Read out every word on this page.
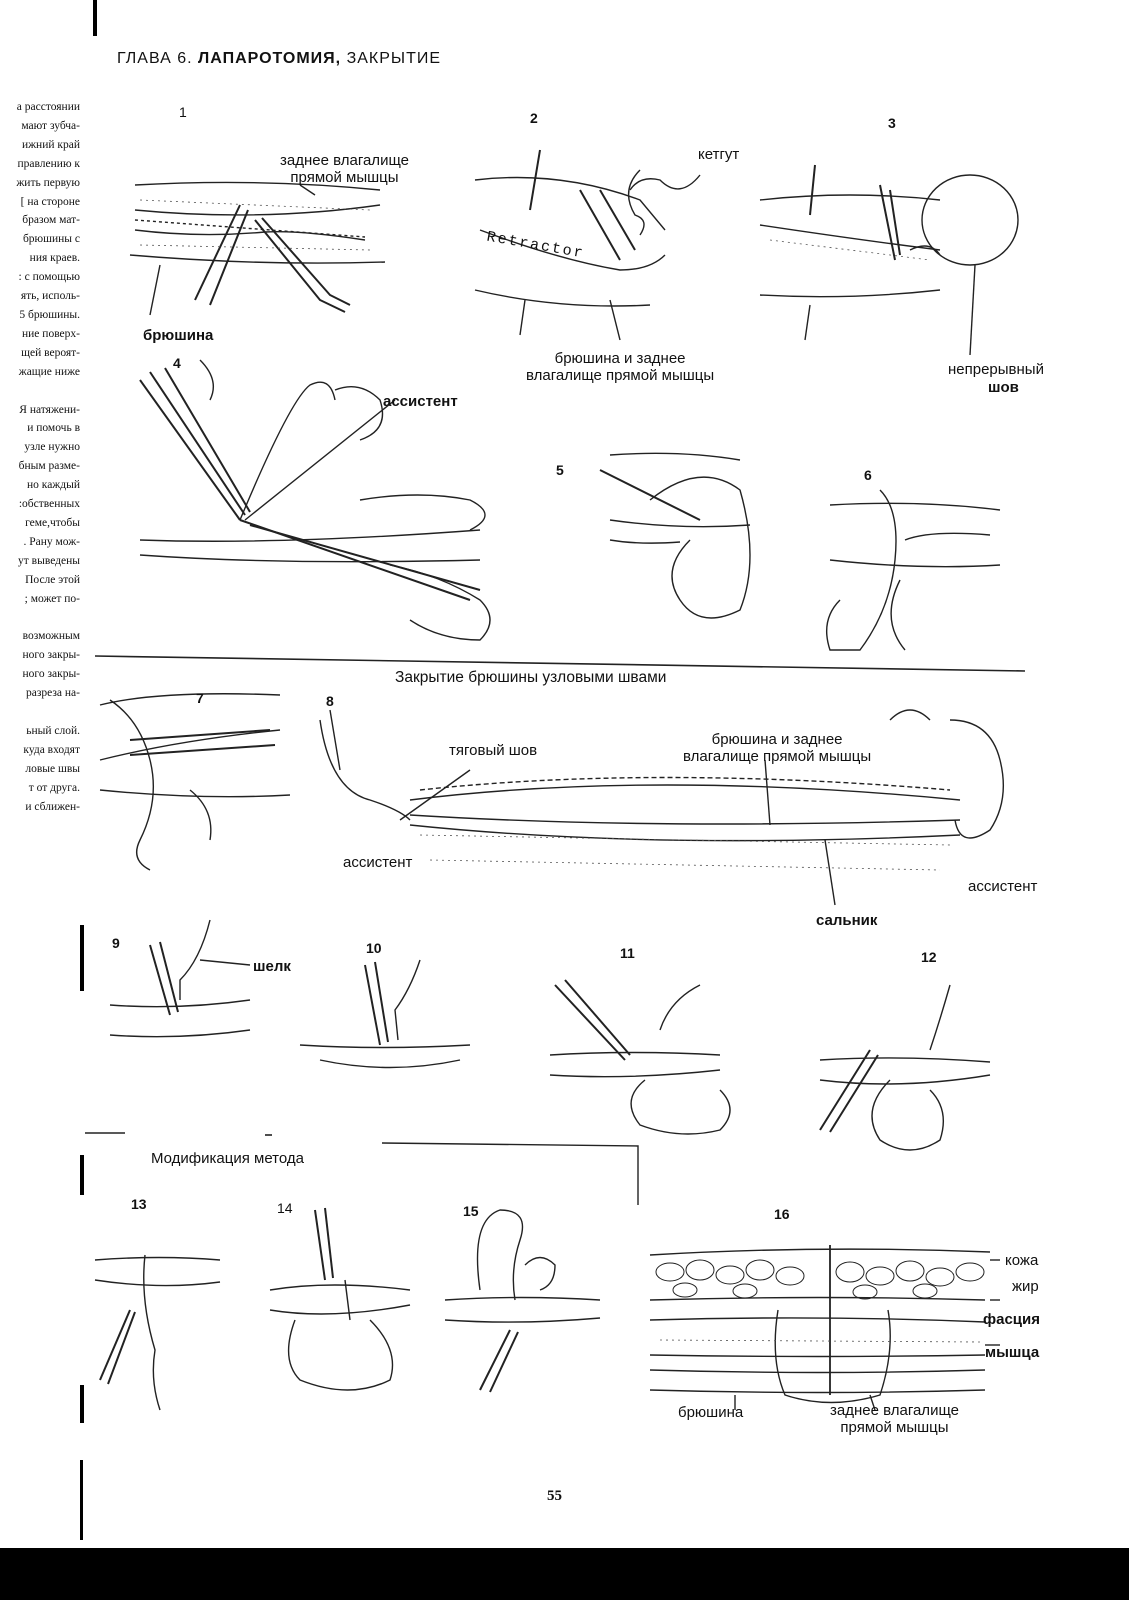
ГЛАВА 6. ЛАПАРОТОМИЯ, ЗАКРЫТИЕ
а расстоянии
мают зубча-
ижний край
правлению к
жить первую
[ на стороне
бразом мат-
брюшины с
ния краев.
: с помощью
ять, исполь-
5 брюшины.
ние поверх-
щей вероят-
жащие ниже

Я натяжени-
и помочь в
узле нужно
бным разме-
но каждый
:обственных
геме,чтобы
. Рану мож-
ут выведены
После этой
; может по-

возможным
ного закры-
ного закры-
разреза на-

ьный слой.
куда входят
ловые швы
т от друга.
и сближен-
1	2	3
4
5	6
7	8
9	10	11	12
13	14	15	16
заднее влагалище
прямой мышцы
брюшина
кетгут
Retractor
брюшина и заднее
влагалище прямой мышцы	непрерывный
шов
ассистент
Закрытие брюшины узловыми швами
тяговый шов
брюшина и заднее
влагалище прямой мышцы
ассистент
ассистент
сальник
шелк
Модификация метода
кожа
жир
фасция
мышца
брюшина	заднее влагалище
прямой мышцы
55
